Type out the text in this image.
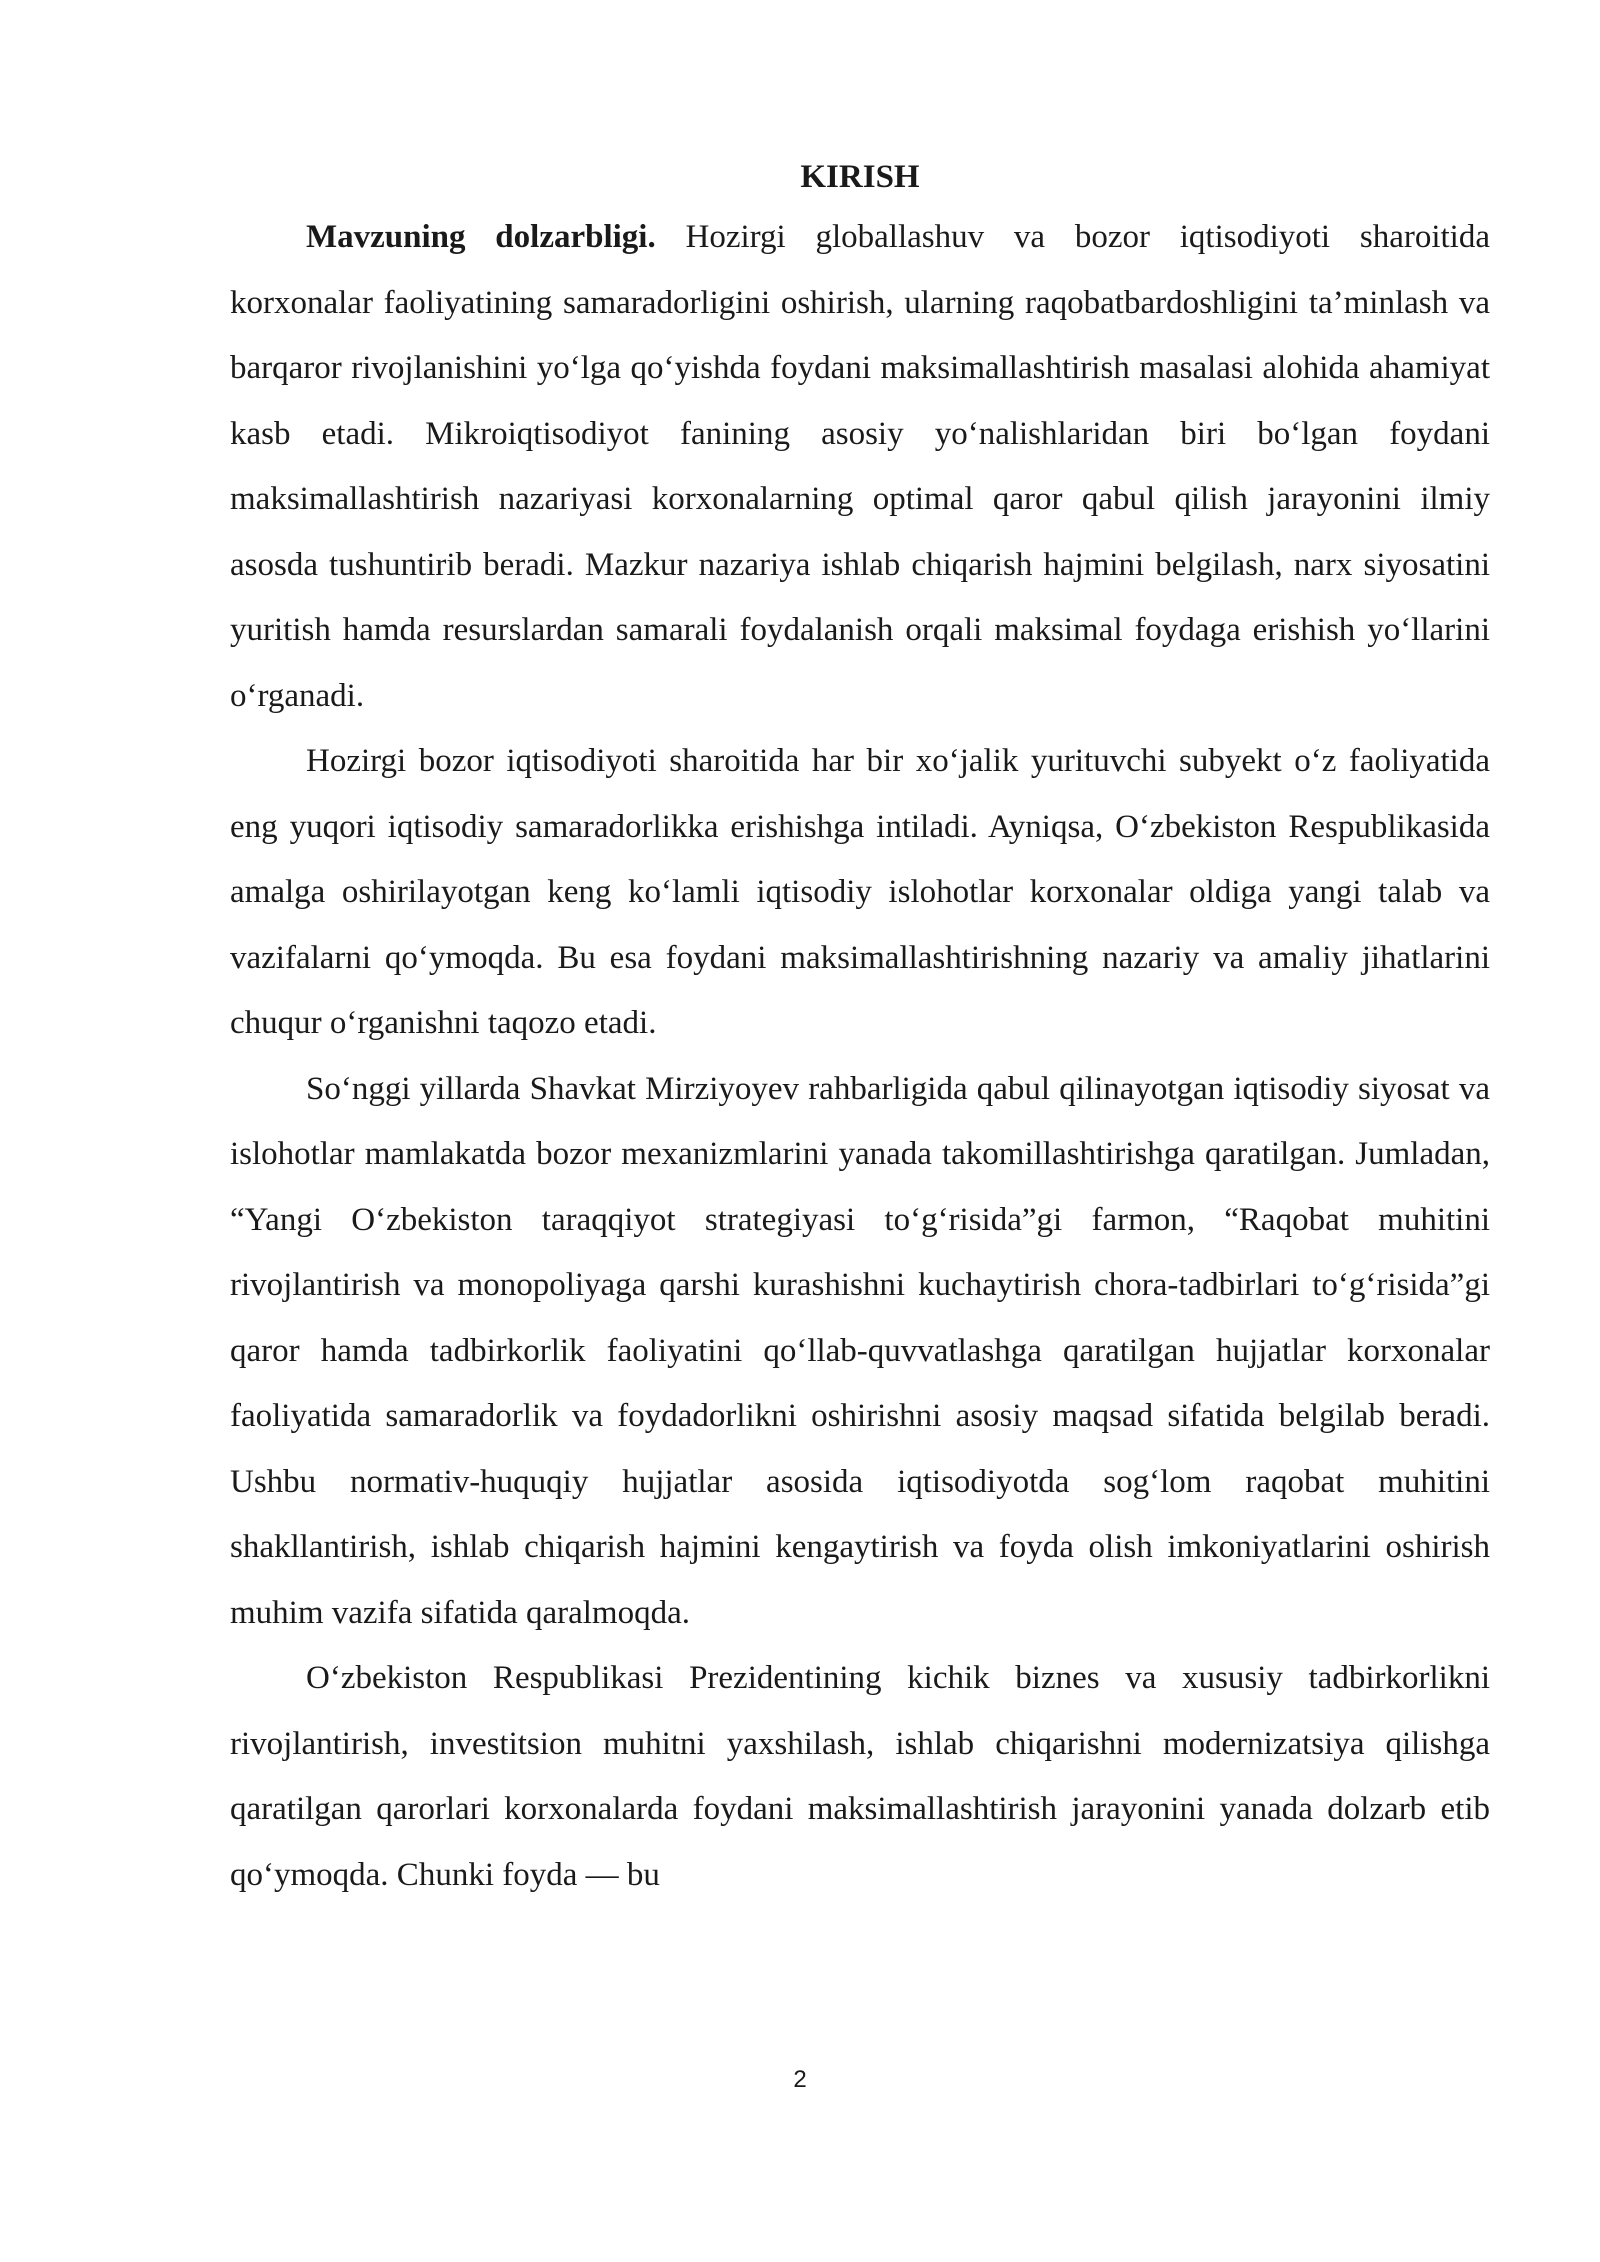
KIRISH

Mavzuning dolzarbligi. Hozirgi globallashuv va bozor iqtisodiyoti sharoitida korxonalar faoliyatining samaradorligini oshirish, ularning raqobatbardoshligini ta’minlash va barqaror rivojlanishini yo‘lga qo‘yishda foydani maksimallashtirish masalasi alohida ahamiyat kasb etadi. Mikroiqtisodiyot fanining asosiy yo‘nalishlaridan biri bo‘lgan foydani maksimallashtirish nazariyasi korxonalarning optimal qaror qabul qilish jarayonini ilmiy asosda tushuntirib beradi. Mazkur nazariya ishlab chiqarish hajmini belgilash, narx siyosatini yuritish hamda resurslardan samarali foydalanish orqali maksimal foydaga erishish yo‘llarini o‘rganadi.

Hozirgi bozor iqtisodiyoti sharoitida har bir xo‘jalik yurituvchi subyekt o‘z faoliyatida eng yuqori iqtisodiy samaradorlikka erishishga intiladi. Ayniqsa, O‘zbekiston Respublikasida amalga oshirilayotgan keng ko‘lamli iqtisodiy islohotlar korxonalar oldiga yangi talab va vazifalarni qo‘ymoqda. Bu esa foydani maksimallashtirishning nazariy va amaliy jihatlarini chuqur o‘rganishni taqozo etadi.

So‘nggi yillarda Shavkat Mirziyoyev rahbarligida qabul qilinayotgan iqtisodiy siyosat va islohotlar mamlakatda bozor mexanizmlarini yanada takomillashtirishga qaratilgan. Jumladan, “Yangi O‘zbekiston taraqqiyot strategiyasi to‘g‘risida”gi farmon, “Raqobat muhitini rivojlantirish va monopoliyaga qarshi kurashishni kuchaytirish chora-tadbirlari to‘g‘risida”gi qaror hamda tadbirkorlik faoliyatini qo‘llab-quvvatlashga qaratilgan hujjatlar korxonalar faoliyatida samaradorlik va foydadorlikni oshirishni asosiy maqsad sifatida belgilab beradi. Ushbu normativ-huquqiy hujjatlar asosida iqtisodiyotda sog‘lom raqobat muhitini shakllantirish, ishlab chiqarish hajmini kengaytirish va foyda olish imkoniyatlarini oshirish muhim vazifa sifatida qaralmoqda.

O‘zbekiston Respublikasi Prezidentining kichik biznes va xususiy tadbirkorlikni rivojlantirish, investitsion muhitni yaxshilash, ishlab chiqarishni modernizatsiya qilishga qaratilgan qarorlari korxonalarda foydani maksimallashtirish jarayonini yanada dolzarb etib qo‘ymoqda. Chunki foyda — bu

2
